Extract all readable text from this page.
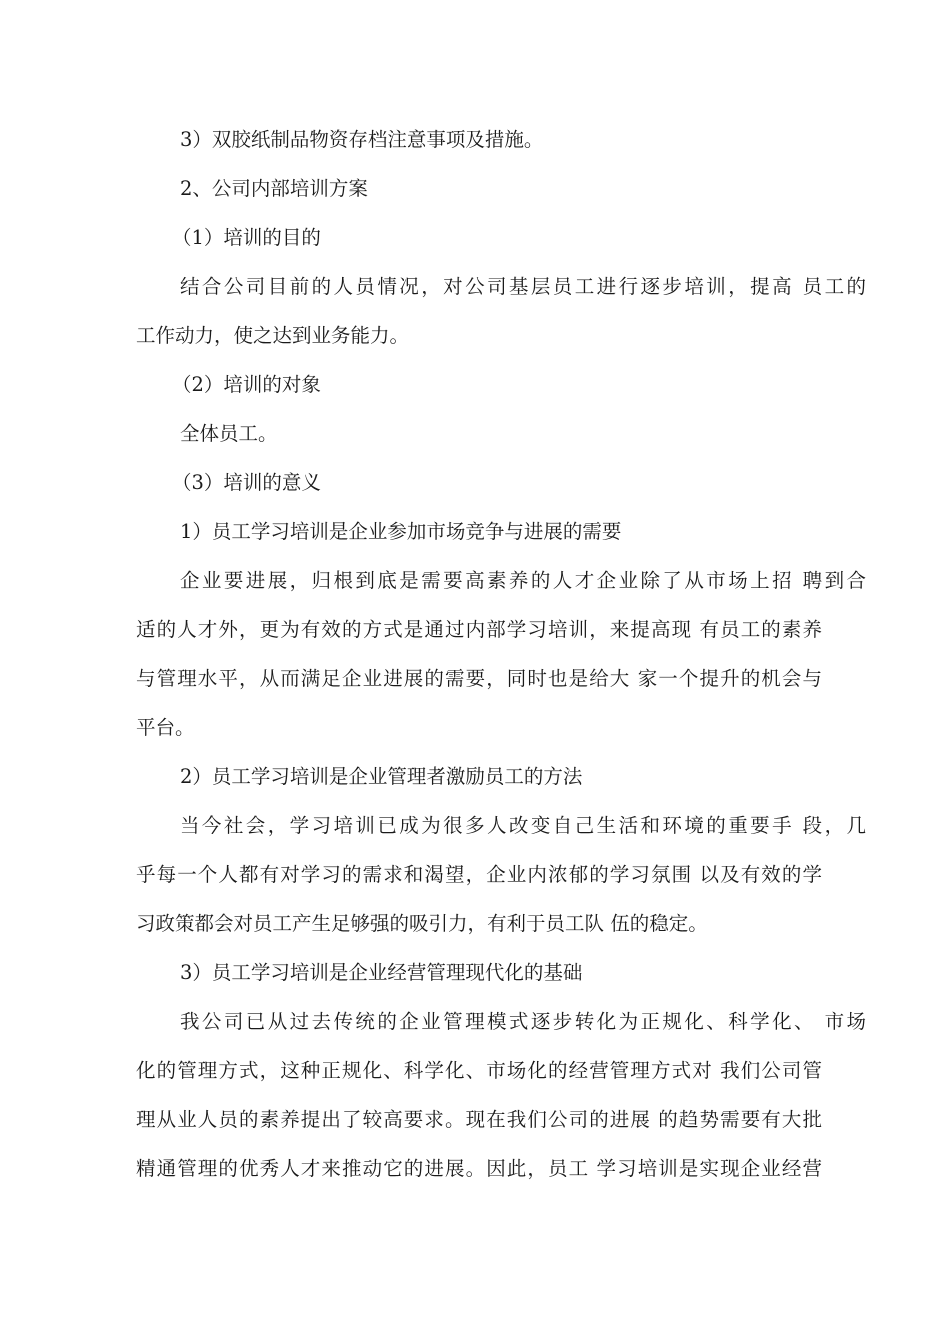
3）双胶纸制品物资存档注意事项及措施。

2、公司内部培训方案

（1）培训的目的

结合公司目前的人员情况，对公司基层员工进行逐步培训，提高 员工的

工作动力，使之达到业务能力。

（2）培训的对象

全体员工。

（3）培训的意义

1）员工学习培训是企业参加市场竞争与进展的需要

企业要进展，归根到底是需要高素养的人才企业除了从市场上招 聘到合

适的人才外，更为有效的方式是通过内部学习培训，来提高现 有员工的素养

与管理水平，从而满足企业进展的需要，同时也是给大 家一个提升的机会与

平台。

2）员工学习培训是企业管理者激励员工的方法

当今社会，学习培训已成为很多人改变自己生活和环境的重要手 段，几

乎每一个人都有对学习的需求和渴望，企业内浓郁的学习氛围 以及有效的学

习政策都会对员工产生足够强的吸引力，有利于员工队 伍的稳定。

3）员工学习培训是企业经营管理现代化的基础

我公司已从过去传统的企业管理模式逐步转化为正规化、科学化、 市场

化的管理方式，这种正规化、科学化、市场化的经营管理方式对 我们公司管

理从业人员的素养提出了较高要求。现在我们公司的进展 的趋势需要有大批

精通管理的优秀人才来推动它的进展。因此，员工 学习培训是实现企业经营
